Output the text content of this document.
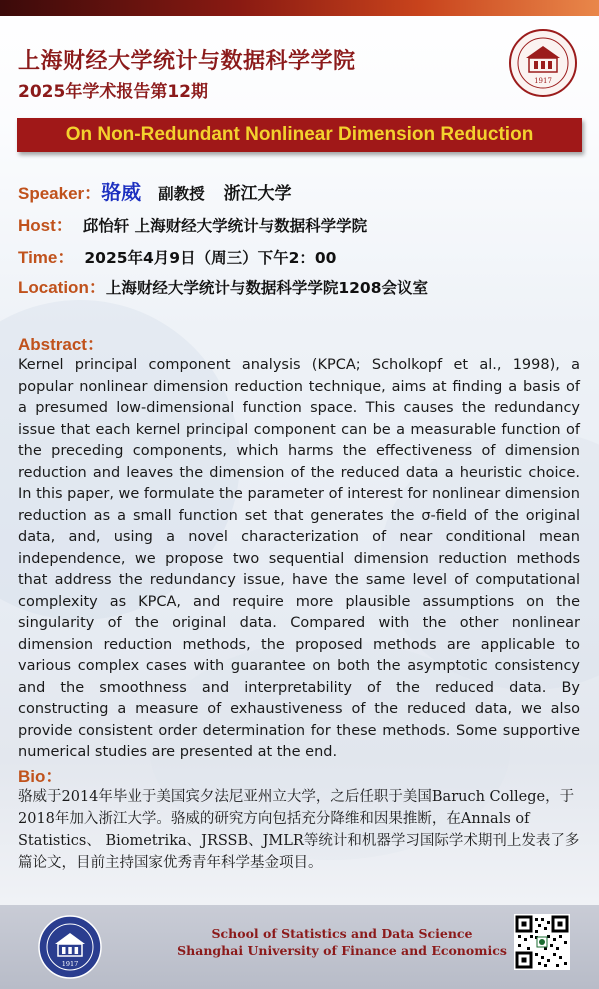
上海财经大学统计与数据科学学院
2025年学术报告第12期
1917
On Non-Redundant Nonlinear Dimension Reduction
Speaker：骆威 副教授 浙江大学
Host： 邱怡轩 上海财经大学统计与数据科学学院
Time： 2025年4月9日（周三）下午2：00
Location：上海财经大学统计与数据科学学院1208会议室
Abstract：

Kernel principal component analysis (KPCA; Scholkopf et al., 1998), a popular nonlinear dimension reduction technique, aims at finding a basis of a presumed low-dimensional function space. This causes the redundancy issue that each kernel principal component can be a measurable function of the preceding components, which harms the effectiveness of dimension reduction and leaves the dimension of the reduced data a heuristic choice. In this paper, we formulate the parameter of interest for nonlinear dimension reduction as a small function set that generates the σ-field of the original data, and, using a novel characterization of near conditional mean independence, we propose two sequential dimension reduction methods that address the redundancy issue, have the same level of computational complexity as KPCA, and require more plausible assumptions on the singularity of the original data. Compared with the other nonlinear dimension reduction methods, the proposed methods are applicable to various complex cases with guarantee on both the asymptotic consistency and the smoothness and interpretability of the reduced data. By constructing a measure of exhaustiveness of the reduced data, we also provide consistent order determination for these methods. Some supportive numerical studies are presented at the end.

Bio：

骆威于2014年毕业于美国宾夕法尼亚州立大学，之后任职于美国Baruch College，于2018年加入浙江大学。骆威的研究方向包括充分降维和因果推断，在Annals of Statistics、 Biometrika、JRSSB、JMLR等统计和机器学习国际学术期刊上发表了多篇论文，目前主持国家优秀青年科学基金项目。

1917

School of Statistics and Data Science

Shanghai University of Finance and Economics
